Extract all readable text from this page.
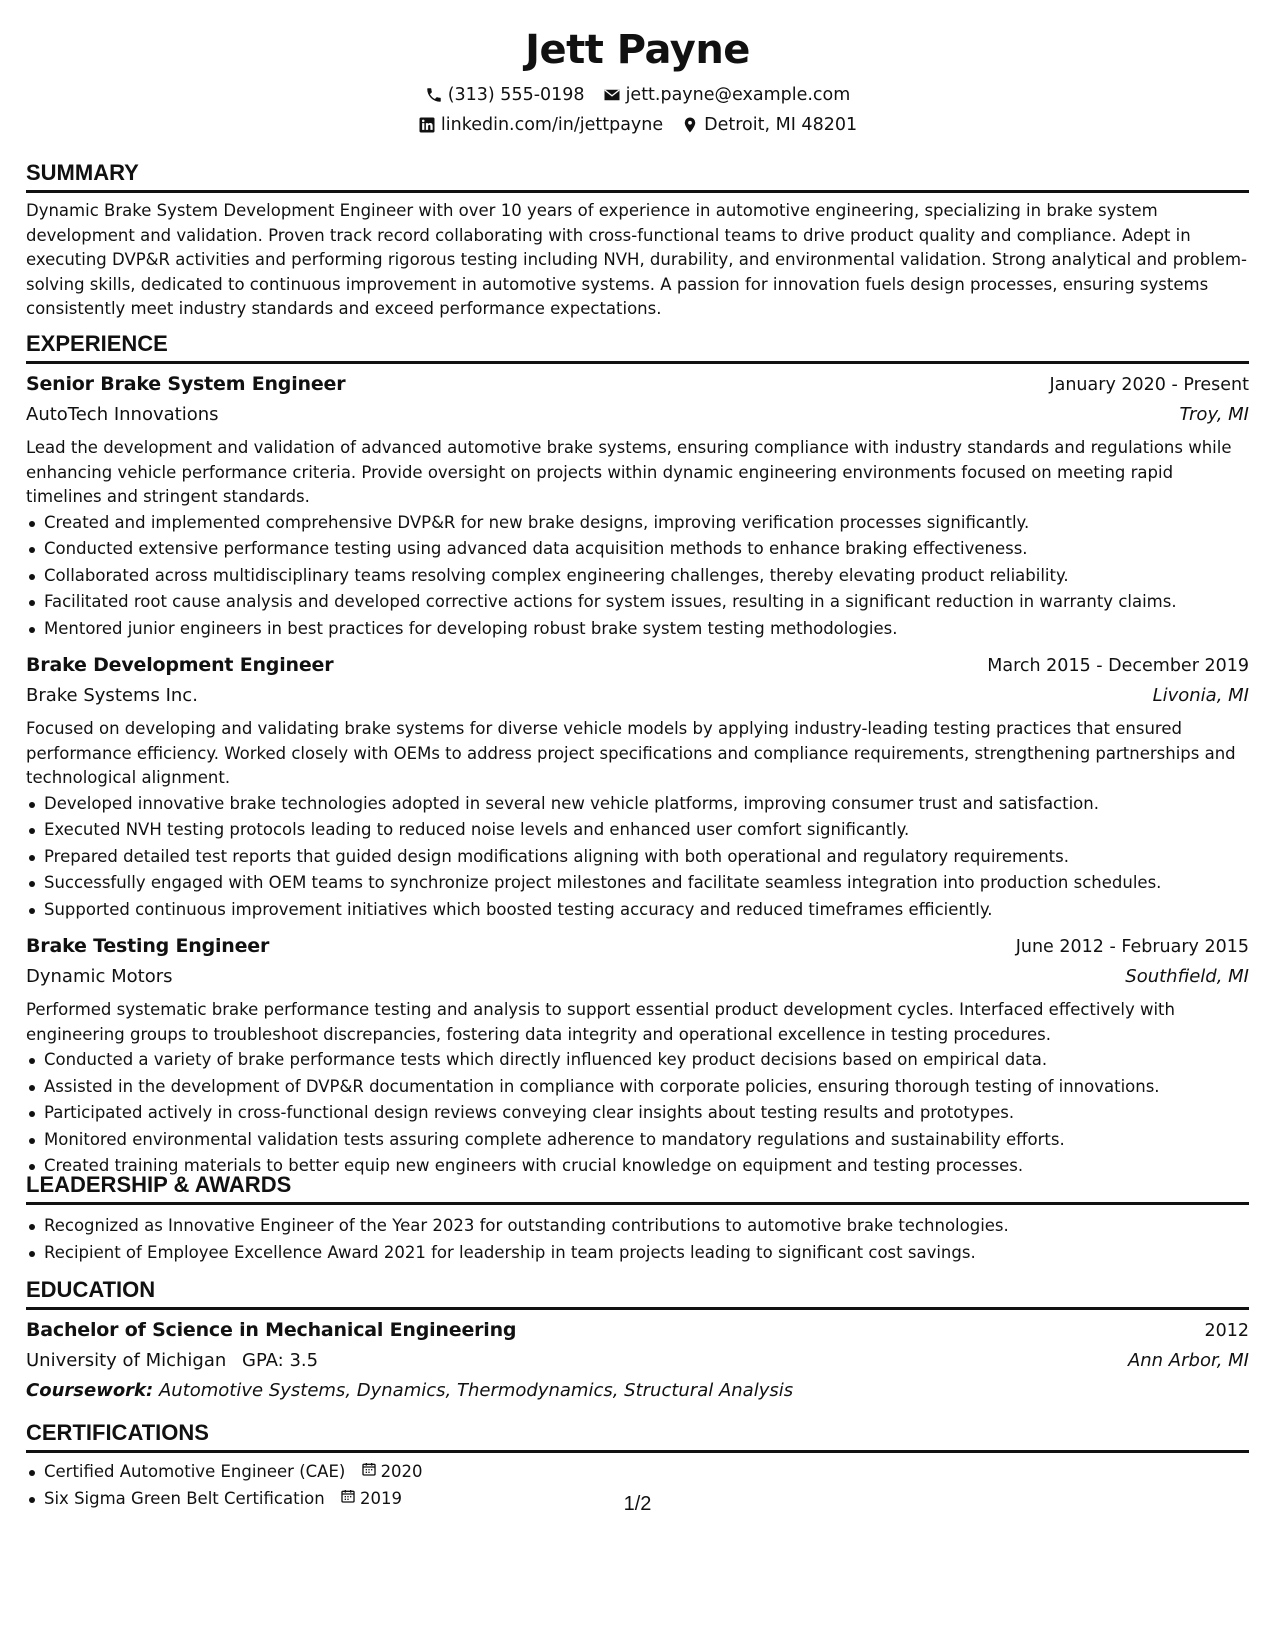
Jett Payne
(313) 555-0198 jett.payne@example.com
linkedin.com/in/jettpayne Detroit, MI 48201
SUMMARY
Dynamic Brake System Development Engineer with over 10 years of experience in automotive engineering, specializing in brake system development and validation. Proven track record collaborating with cross-functional teams to drive product quality and compliance. Adept in executing DVP&R activities and performing rigorous testing including NVH, durability, and environmental validation. Strong analytical and problem-solving skills, dedicated to continuous improvement in automotive systems. A passion for innovation fuels design processes, ensuring systems consistently meet industry standards and exceed performance expectations.
EXPERIENCE
Senior Brake System Engineer	January 2020 - Present
AutoTech Innovations	Troy, MI
Lead the development and validation of advanced automotive brake systems, ensuring compliance with industry standards and regulations while enhancing vehicle performance criteria. Provide oversight on projects within dynamic engineering environments focused on meeting rapid timelines and stringent standards.
Created and implemented comprehensive DVP&R for new brake designs, improving verification processes significantly.
Conducted extensive performance testing using advanced data acquisition methods to enhance braking effectiveness.
Collaborated across multidisciplinary teams resolving complex engineering challenges, thereby elevating product reliability.
Facilitated root cause analysis and developed corrective actions for system issues, resulting in a significant reduction in warranty claims.
Mentored junior engineers in best practices for developing robust brake system testing methodologies.
Brake Development Engineer	March 2015 - December 2019
Brake Systems Inc.	Livonia, MI
Focused on developing and validating brake systems for diverse vehicle models by applying industry-leading testing practices that ensured performance efficiency. Worked closely with OEMs to address project specifications and compliance requirements, strengthening partnerships and technological alignment.
Developed innovative brake technologies adopted in several new vehicle platforms, improving consumer trust and satisfaction.
Executed NVH testing protocols leading to reduced noise levels and enhanced user comfort significantly.
Prepared detailed test reports that guided design modifications aligning with both operational and regulatory requirements.
Successfully engaged with OEM teams to synchronize project milestones and facilitate seamless integration into production schedules.
Supported continuous improvement initiatives which boosted testing accuracy and reduced timeframes efficiently.
Brake Testing Engineer	June 2012 - February 2015
Dynamic Motors	Southfield, MI
Performed systematic brake performance testing and analysis to support essential product development cycles. Interfaced effectively with engineering groups to troubleshoot discrepancies, fostering data integrity and operational excellence in testing procedures.
Conducted a variety of brake performance tests which directly influenced key product decisions based on empirical data.
Assisted in the development of DVP&R documentation in compliance with corporate policies, ensuring thorough testing of innovations.
Participated actively in cross-functional design reviews conveying clear insights about testing results and prototypes.
Monitored environmental validation tests assuring complete adherence to mandatory regulations and sustainability efforts.
Created training materials to better equip new engineers with crucial knowledge on equipment and testing processes.
LEADERSHIP & AWARDS
Recognized as Innovative Engineer of the Year 2023 for outstanding contributions to automotive brake technologies.
Recipient of Employee Excellence Award 2021 for leadership in team projects leading to significant cost savings.
EDUCATION
Bachelor of Science in Mechanical Engineering	2012
University of Michigan GPA: 3.5	Ann Arbor, MI
Coursework: Automotive Systems, Dynamics, Thermodynamics, Structural Analysis
CERTIFICATIONS
Certified Automotive Engineer (CAE) 2020
Six Sigma Green Belt Certification 2019	1/2
